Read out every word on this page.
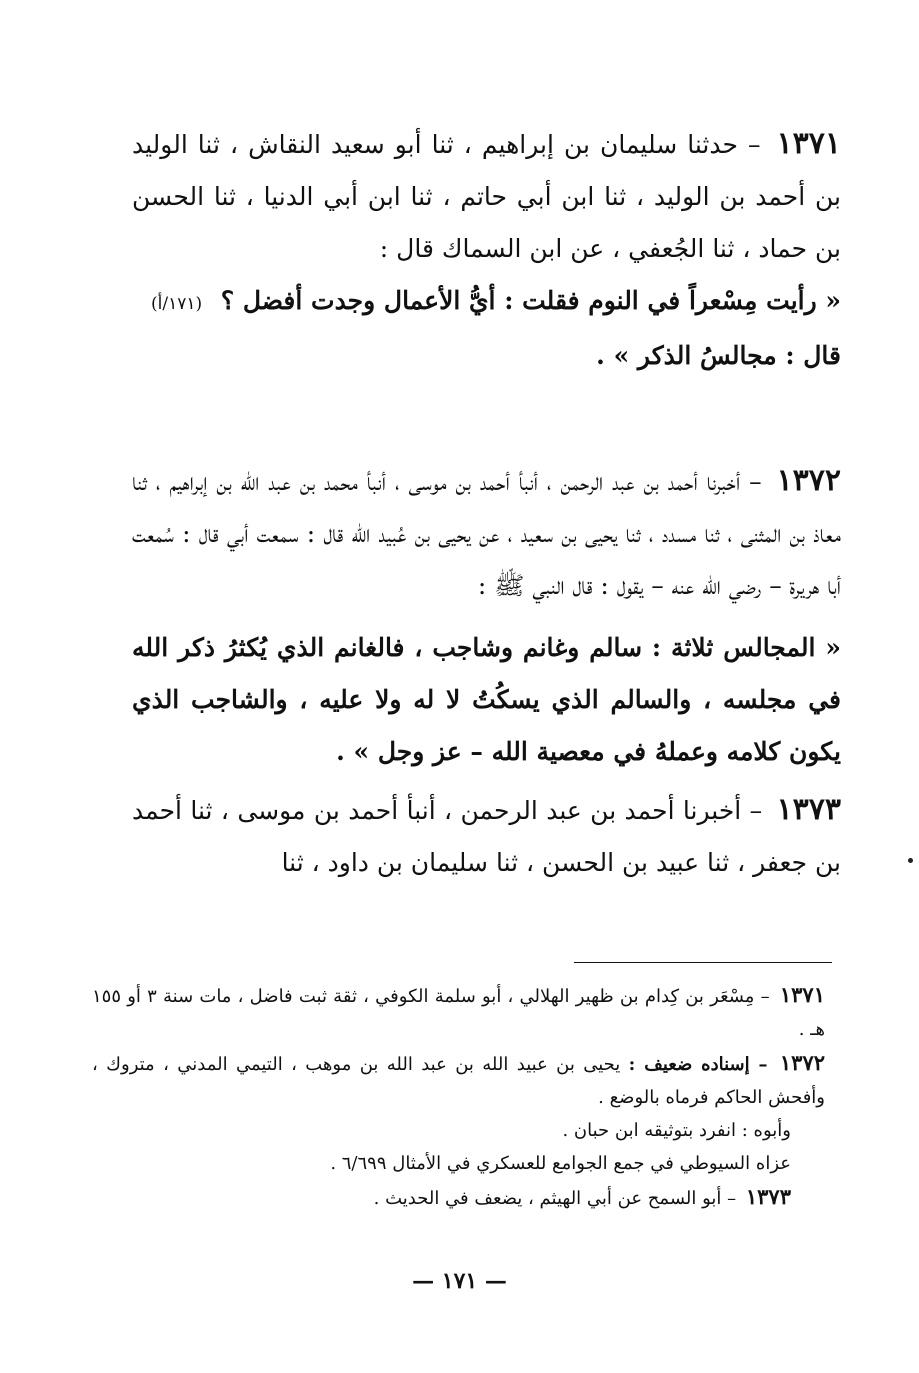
١٣٧١ – حدثنا سليمان بن إبراهيم ، ثنا أبو سعيد النقاش ، ثنا الوليد بن أحمد بن الوليد ، ثنا ابن أبي حاتم ، ثنا ابن أبي الدنيا ، ثنا الحسن بن حماد ، ثنا الجُعفي ، عن ابن السماك قال :

« رأيت مِسْعراً في النوم فقلت : أيُّ الأعمال وجدت أفضل ؟ (١٧١/أ)

قال : مجالسُ الذكر » .

١٣٧٢ – أخبرنا أحمد بن عبد الرحمن ، أنبأ أحمد بن موسى ، أنبأ محمد بن عبد الله بن إبراهيم ، ثنا معاذ بن المثنى ، ثنا مسدد ، ثنا يحيى بن سعيد ، عن يحيى بن عُبيد الله قال : سمعت أبي قال : سُمعت أبا هريرة – رضي الله عنه – يقول : قال النبي ﷺ :

« المجالس ثلاثة : سالم وغانم وشاجب ، فالغانم الذي يُكثرُ ذكر الله في مجلسه ، والسالم الذي يسكُتُ لا له ولا عليه ، والشاجب الذي يكون كلامه وعملهُ في معصية الله – عز وجل » .

١٣٧٣ – أخبرنا أحمد بن عبد الرحمن ، أنبأ أحمد بن موسى ، ثنا أحمد بن جعفر ، ثنا عبيد بن الحسن ، ثنا سليمان بن داود ، ثنا

١٣٧١ – مِسْعَر بن كِدام بن ظهير الهلالي ، أبو سلمة الكوفي ، ثقة ثبت فاضل ، مات سنة ٣ أو ١٥٥ هـ .

١٣٧٢ – إسناده ضعيف : يحيى بن عبيد الله بن عبد الله بن موهب ، التيمي المدني ، متروك ، وأفحش الحاكم فرماه بالوضع .

وأبوه : انفرد بتوثيقه ابن حبان .

عزاه السيوطي في جمع الجوامع للعسكري في الأمثال ٦/٦٩٩ .

١٣٧٣ – أبو السمح عن أبي الهيثم ، يضعف في الحديث .

— ١٧١ —
